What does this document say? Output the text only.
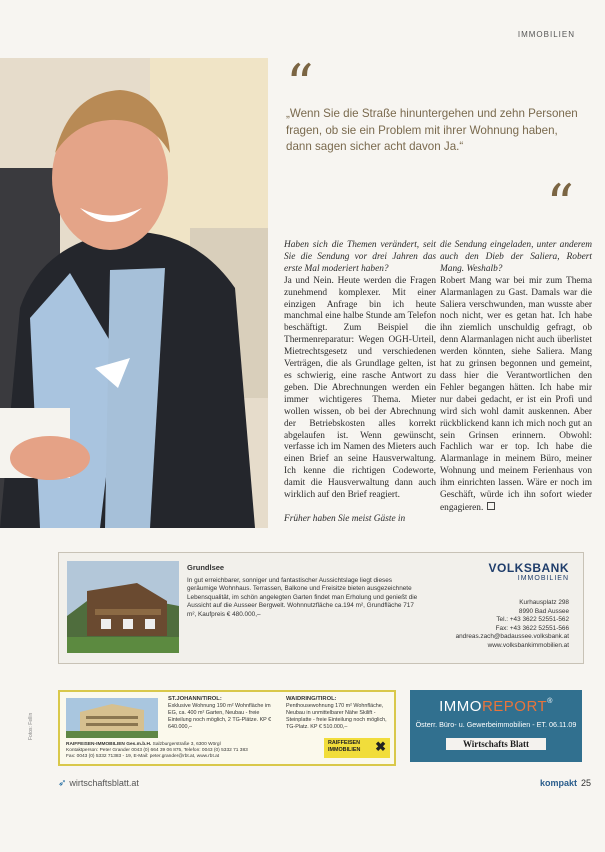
IMMOBILIEN
“
„Wenn Sie die Straße hinuntergehen und zehn Personen fragen, ob sie ein Problem mit ihrer Wohnung haben, dann sagen sicher acht davon Ja.“
“

Haben sich die Themen verändert, seit Sie die Sendung vor drei Jahren das erste Mal moderiert haben?

Ja und Nein. Heute werden die Fragen zunehmend komplexer. Mit einer einzigen Anfrage bin ich heute manchmal eine halbe Stunde am Telefon beschäftigt. Zum Beispiel die Thermenreparatur: Wegen OGH-Urteil, Mietrechtsgesetz und verschiedenen Verträgen, die als Grundlage gelten, ist es schwierig, eine rasche Antwort zu geben. Die Abrechnungen werden ein immer wichtigeres Thema. Mieter wollen wissen, ob bei der Abrechnung der Betriebskosten alles korrekt abgelaufen ist. Wenn gewünscht, verfasse ich im Namen des Mieters auch einen Brief an seine Hausverwaltung. Ich kenne die richtigen Codeworte, damit die Hausverwaltung dann auch wirklich auf den Brief reagiert.

Früher haben Sie meist Gäste in

die Sendung eingeladen, unter anderem auch den Dieb der Saliera, Robert Mang. Weshalb?

Robert Mang war bei mir zum Thema Alarmanlagen zu Gast. Damals war die Saliera verschwunden, man wusste aber noch nicht, wer es getan hat. Ich habe ihn ziemlich unschuldig gefragt, ob denn Alarmanlagen nicht auch überlistet werden könnten, siehe Saliera. Mang hat zu grinsen begonnen und gemeint, dass hier die Verantwortlichen den Fehler begangen hätten. Ich habe mir nur dabei gedacht, er ist ein Profi und wird sich wohl damit auskennen. Aber rückblickend kann ich mich noch gut an sein Grinsen erinnern. Obwohl: Fachlich war er top. Ich habe die Alarmanlage in meinem Büro, meiner Wohnung und meinem Ferienhaus von ihm einrichten lassen. Wäre er noch im Geschäft, würde ich ihn sofort wieder engagieren.

Grundlsee
In gut erreichbarer, sonniger und fantastischer Aussichtslage liegt dieses geräumige Wohnhaus. Terrassen, Balkone und Freisitze bieten ausgezeichnete Lebensqualität, im schön angelegten Garten findet man Erholung und genießt die Aussicht auf die Ausseer Bergwelt. Wohnnutzfläche ca.194 m², Grundfläche 717 m², Kaufpreis € 480.000,–
VOLKSBANK
IMMOBILIEN
Kurhausplatz 298
8990 Bad Aussee
Tel.: +43 3622 52551-562
Fax: +43 3622 52551-566
andreas.zach@badaussee.volksbank.at
www.volksbankimmobilien.at
ST.JOHANN/TIROL:
Exklusive Wohnung 190 m² Wohnfläche im EG, ca. 400 m² Garten, Neubau - freie Einteilung noch möglich, 2 TG-Plätze. KP € 640.000,–
WAIDRING/TIROL:
Penthousewohnung 170 m² Wohnfläche, Neubau in unmittelbarer Nähe Skilift - Steinplatte - freie Einteilung noch möglich, TG-Platz. KP € 510.000,–
RAIFFEISEN-IMMOBILIEN Ges.m.b.H. Salzburgerstraße 3, 6300 Wörgl
Kontaktperson: Peter Grander 0043 (0) 664 39 06 875, Telefon: 0043 (0) 5332 71 383
Fax: 0043 (0) 5332 71383 - 19, E-Mail: peter.grander@rbt.at, www.rbt.at
RAIFFEISEN
IMMOBILIEN	✖
IMMOREPORT®
Österr. Büro- u. Gewerbeimmobilien - ET. 06.11.09
Wirtschafts Blatt
➶ wirtschaftsblatt.at	kompakt 25
Fotos: Fellin
